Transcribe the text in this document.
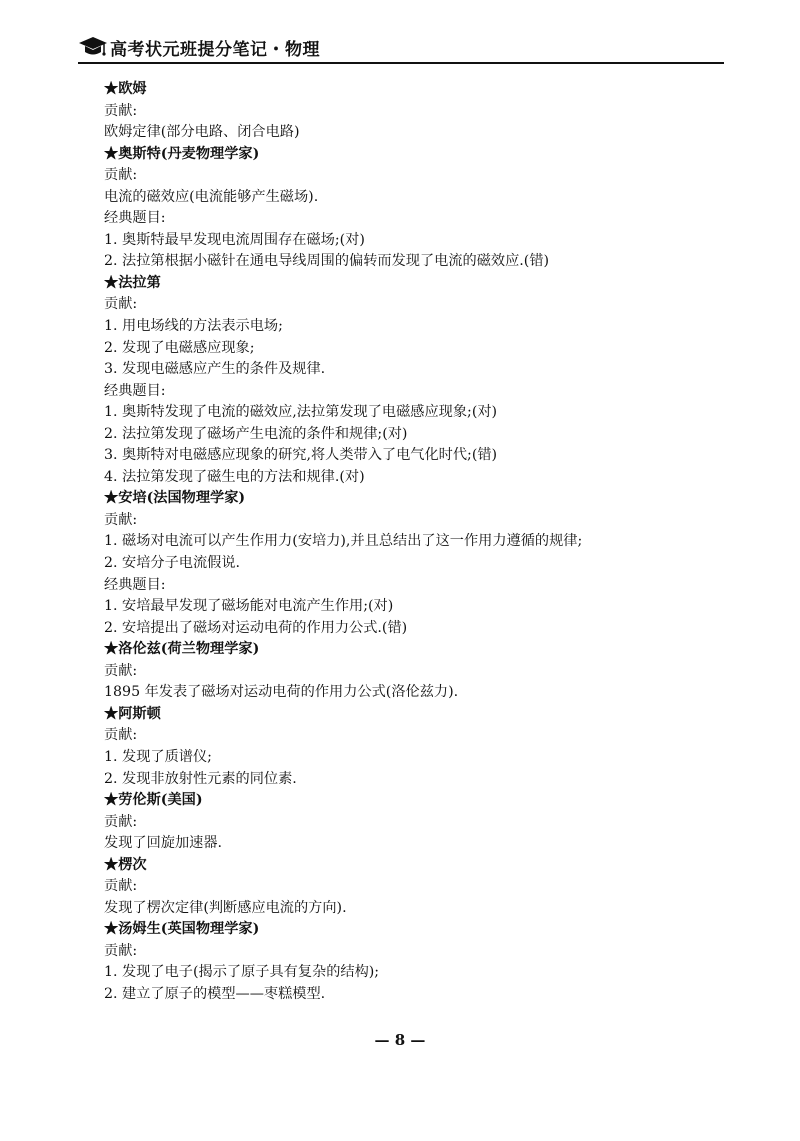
高考状元班提分笔记・物理
★欧姆
贡献:
欧姆定律(部分电路、闭合电路)
★奥斯特(丹麦物理学家)
贡献:
电流的磁效应(电流能够产生磁场).
经典题目:
1. 奥斯特最早发现电流周围存在磁场;(对)
2. 法拉第根据小磁针在通电导线周围的偏转而发现了电流的磁效应.(错)
★法拉第
贡献:
1. 用电场线的方法表示电场;
2. 发现了电磁感应现象;
3. 发现电磁感应产生的条件及规律.
经典题目:
1. 奥斯特发现了电流的磁效应,法拉第发现了电磁感应现象;(对)
2. 法拉第发现了磁场产生电流的条件和规律;(对)
3. 奥斯特对电磁感应现象的研究,将人类带入了电气化时代;(错)
4. 法拉第发现了磁生电的方法和规律.(对)
★安培(法国物理学家)
贡献:
1. 磁场对电流可以产生作用力(安培力),并且总结出了这一作用力遵循的规律;
2. 安培分子电流假说.
经典题目:
1. 安培最早发现了磁场能对电流产生作用;(对)
2. 安培提出了磁场对运动电荷的作用力公式.(错)
★洛伦兹(荷兰物理学家)
贡献:
1895 年发表了磁场对运动电荷的作用力公式(洛伦兹力).
★阿斯顿
贡献:
1. 发现了质谱仪;
2. 发现非放射性元素的同位素.
★劳伦斯(美国)
贡献:
发现了回旋加速器.
★楞次
贡献:
发现了楞次定律(判断感应电流的方向).
★汤姆生(英国物理学家)
贡献:
1. 发现了电子(揭示了原子具有复杂的结构);
2. 建立了原子的模型——枣糕模型.
— 8 —
